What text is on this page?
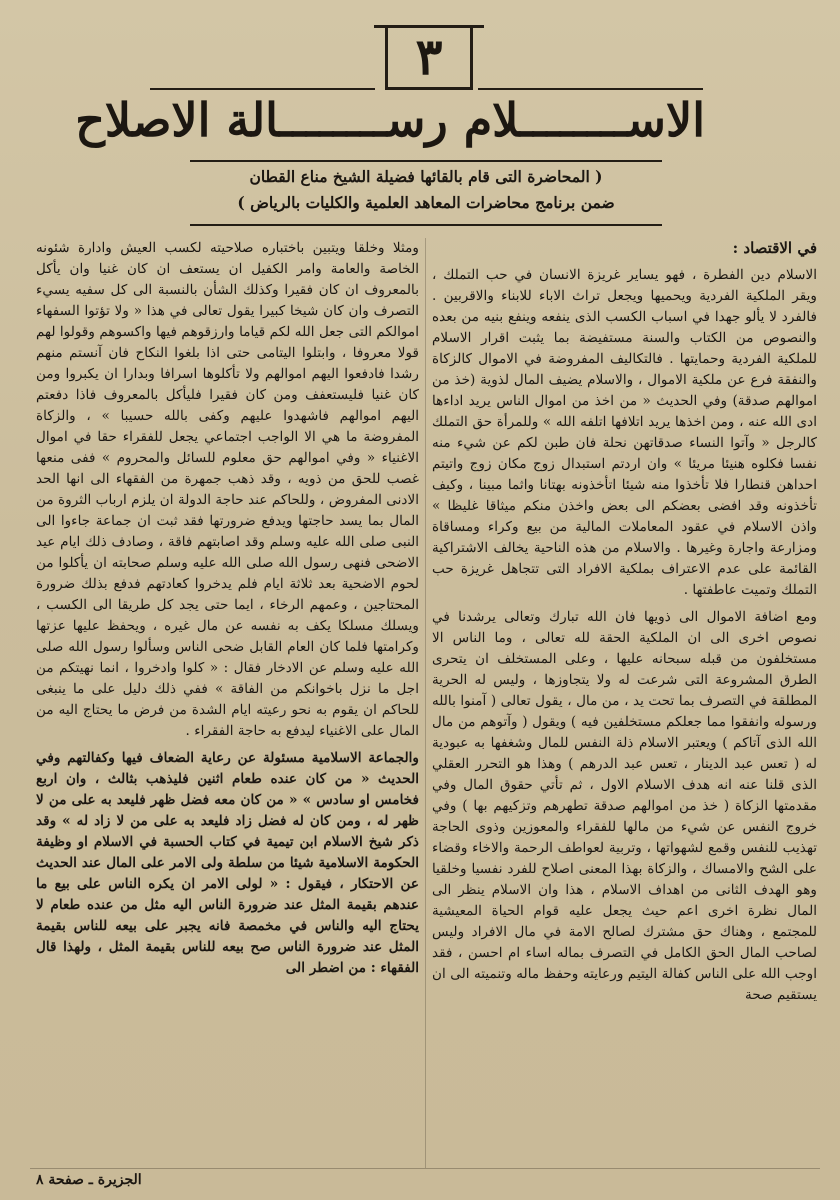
٣
الاســــــــلام رســــــــالة الاصلاح
( المحاضرة التى قام بالقائها فضيلة الشيخ مناع القطان
ضمن برنامج محاضرات المعاهد العلمية والكليات بالرياض )
في الاقتصاد :

الاسلام دين الفطرة ، فهو يساير غريزة الانسان في حب التملك ، ويقر الملكية الفردية ويحميها ويجعل تراث الاباء للابناء والاقربين . فالفرد لا يألو جهدا في اسباب الكسب الذى ينفعه وينفع بنيه من بعده والنصوص من الكتاب والسنة مستفيضة بما يثبت اقرار الاسلام للملكية الفردية وحمايتها . فالتكاليف المفروضة في الاموال كالزكاة والنفقة فرع عن ملكية الاموال ، والاسلام يضيف المال لذوية (خذ من اموالهم صدقة) وفي الحديث « من اخذ من اموال الناس يريد اداءها ادى الله عنه ، ومن اخذها يريد اتلافها اتلفه الله » وللمرأة حق التملك كالرجل « وآتوا النساء صدقاتهن نحلة فان طبن لكم عن شيء منه نفسا فكلوه هنيئا مريئا » وان اردتم استبدال زوج مكان زوج واتيتم احداهن قنطارا فلا تأخذوا منه شيئا اتأخذونه بهتانا واثما مبينا ، وكيف تأخذونه وقد افضى بعضكم الى بعض واخذن منكم ميثاقا غليظا » واذن الاسلام في عقود المعاملات المالية من بيع وكراء ومساقاة ومزارعة واجارة وغيرها . والاسلام من هذه الناحية يخالف الاشتراكية القائمة على عدم الاعتراف بملكية الافراد التى تتجاهل غريزة حب التملك وتميت عاطفتها .

ومع اضافة الاموال الى ذويها فان الله تبارك وتعالى يرشدنا في نصوص اخرى الى ان الملكية الحقة لله تعالى ، وما الناس الا مستخلفون من قبله سبحانه عليها ، وعلى المستخلف ان يتحرى الطرق المشروعة التى شرعت له ولا يتجاوزها ، وليس له الحرية المطلقة في التصرف بما تحت يد ، من مال ، يقول تعالى ( آمنوا بالله ورسوله وانفقوا مما جعلكم مستخلفين فيه ) ويقول ( وآتوهم من مال الله الذى آتاكم ) ويعتبر الاسلام ذلة النفس للمال وشغفها به عبودية له ( تعس عبد الدينار ، تعس عبد الدرهم ) وهذا هو التحرر العقلي الذى قلنا عنه انه هدف الاسلام الاول ، ثم تأتي حقوق المال وفي مقدمتها الزكاة ( خذ من اموالهم صدقة تطهرهم وتزكيهم بها ) وفي خروج النفس عن شيء من مالها للفقراء والمعوزين وذوى الحاجة تهذيب للنفس وقمع لشهواتها ، وتربية لعواطف الرحمة والاخاء وقضاء على الشح والامساك ، والزكاة بهذا المعنى اصلاح للفرد نفسيا وخلقيا وهو الهدف الثانى من اهداف الاسلام ، هذا وان الاسلام ينظر الى المال نظرة اخرى اعم حيث يجعل عليه قوام الحياة المعيشية للمجتمع ، وهناك حق مشترك لصالح الامة في مال الافراد وليس لصاحب المال الحق الكامل في التصرف بماله اساء ام احسن ، فقد اوجب الله على الناس كفالة اليتيم ورعايته وحفظ ماله وتنميته الى ان يستقيم صحة

ومثلا وخلقا ويتبين باختباره صلاحيته لكسب العيش وادارة شئونه الخاصة والعامة وامر الكفيل ان يستعف ان كان غنيا وان يأكل بالمعروف ان كان فقيرا وكذلك الشأن بالنسبة الى كل سفيه يسيء التصرف وان كان شيخا كبيرا يقول تعالى في هذا « ولا تؤتوا السفهاء اموالكم التى جعل الله لكم قياما وارزقوهم فيها واكسوهم وقولوا لهم قولا معروفا ، وابتلوا اليتامى حتى اذا بلغوا النكاح فان آنستم منهم رشدا فادفعوا اليهم اموالهم ولا تأكلوها اسرافا وبدارا ان يكبروا ومن كان غنيا فليستعفف ومن كان فقيرا فليأكل بالمعروف فاذا دفعتم اليهم اموالهم فاشهدوا عليهم وكفى بالله حسيبا » ، والزكاة المفروضة ما هي الا الواجب اجتماعي يجعل للفقراء حقا في اموال الاغنياء « وفي اموالهم حق معلوم للسائل والمحروم » ففى منعها غصب للحق من ذويه ، وقد ذهب جمهرة من الفقهاء الى انها الحد الادنى المفروض ، وللحاكم عند حاجة الدولة ان يلزم ارباب الثروة من المال بما يسد حاجتها ويدفع ضرورتها فقد ثبت ان جماعة جاءوا الى النبى صلى الله عليه وسلم وقد اصابتهم فاقة ، وصادف ذلك ايام عيد الاضحى فنهى رسول الله صلى الله عليه وسلم صحابته ان يأكلوا من لحوم الاضحية بعد ثلاثة ايام فلم يدخروا كعادتهم فدفع بذلك ضرورة المحتاجين ، وعمهم الرخاء ، ايما حتى يجد كل طريقا الى الكسب ، ويسلك مسلكا يكف به نفسه عن مال غيره ، ويحفظ عليها عزتها وكرامتها فلما كان العام القابل ضحى الناس وسألوا رسول الله صلى الله عليه وسلم عن الادخار فقال : « كلوا وادخروا ، انما نهيتكم من اجل ما نزل باخوانكم من الفاقة » ففي ذلك دليل على ما ينبغى للحاكم ان يقوم به نحو رعيته ايام الشدة من فرض ما يحتاج اليه من المال على الاغنياء ليدفع به حاجة الفقراء .

والجماعة الاسلامية مسئولة عن رعاية الضعاف فيها وكفالتهم وفي الحديث « من كان عنده طعام اثنين فليذهب بثالث ، وان اربع فخامس او سادس » « من كان معه فضل ظهر فليعد به على من لا ظهر له ، ومن كان له فضل زاد فليعد به على من لا زاد له » وقد ذكر شيخ الاسلام ابن تيمية في كتاب الحسبة في الاسلام او وظيفة الحكومة الاسلامية شيئا من سلطة ولى الامر على المال عند الحديث عن الاحتكار ، فيقول : « لولى الامر ان يكره الناس على بيع ما عندهم بقيمة المثل عند ضرورة الناس اليه مثل من عنده طعام لا يحتاج اليه والناس في مخمصة فانه يجبر على بيعه للناس بقيمة المثل عند ضرورة الناس صح بيعه للناس بقيمة المثل ، ولهذا قال الفقهاء : من اضطر الى

الجزيرة ـ صفحة ٨
